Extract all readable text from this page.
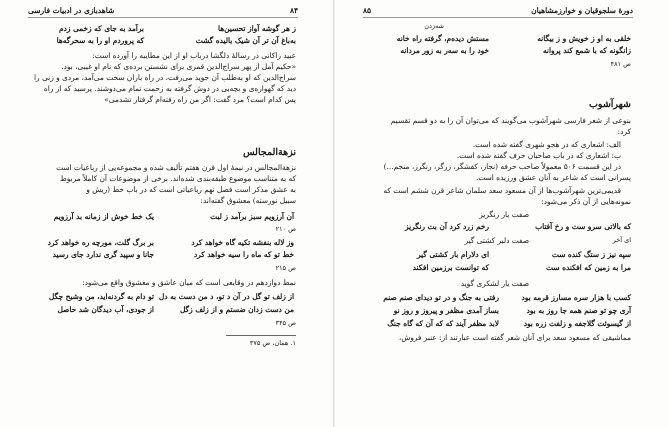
۸۴
شاهدبازی در ادبیات فارسی
برآمد به جای که زخمی زدم	ز هر گوشه آواز تحسین‌ها
که پروردم او را به سحرگه‌ها	به‌باغ آن تر آن شیک بالیده گشت
عبید زاکانی در رسالهٔ دلگشا درباب او از این مطایبه را آورده است:
«حکیم آمل از پهر سراج‌الدین قمری برای نشستن برده‌ی که نام او غیبی، بود.
سراج‌الدین که او به‌طلب آن جوید می‌رفت، در راه باران سخت می‌آمد، مردی و زنی را
دید که گهواره‌ی و بچه‌یی در دوش گرفته به زحمت تمام می‌دوشند. پرسید که از راه
پس کدام است؟ مرد گفت: اگر من راه رفته‌ام گرفتار تشدمی»
نزهةالمجالس
نزهةالمجالس در نیمهٔ اول قرن هفتم تألیف شده و مجموعه‌یی از رباعیات است
که به متناسب موضوع طبقه‌بندی شده‌اند. برخی از موضوعات آن کاملاً مربوط
به عشق مذکر است فصل نهم رباعیاتی است که در باب خط (ریش و
سبیل نورسته) معشوق گفته‌اند:
یک خط خوش از زمانه بد آرزویم	آن آرزویم سبز برآمد ز لبت
ص ۲۱۰
بر برگ گلت، مورچه ره خواهد کرد	وز لاله بنفشه تکیه گاه خواهد کرد
جانا و سپید گری ندارد جای رسید	خط تو که ماه را سیه خواهد کرد
ص ۲۱۵
نمط دوازدهم در وقایعی است که میان عاشق و معشوق واقع می‌شود:
تو دام به گردنه‌اید، من وشبح چگل از زلف تو گل در آن د تو، د من دست به دل
از جودی، آب دیدگان شد حاصل	من دست زدان ضستم و از زلف زگل
ص ۳۴۵
۱. همان، ص ۳۷۵
دورهٔ سلجوقیان و خوارزمشاهیان
۸۵
شه‌زدن
مستش دیده‌م، گرفته راه خانه	خلقی به او ز خویش و ز بیگانه
خود را به‌ سه‌ر به زور مردانه	زانگونه که با شمع کند پروانه
ص ۴۸۱
شهرآشوب
بنوعی از شعر فارسی شهرآشوب می‌گویند که می‌توان آن را به دو قسم تقسیم
کرد:
الف: اشعاری که در هجو شهری گفته شده است.
ب: اشعاری که در باب صاحبان حرف گفته شده است.
در این قسمت ۵۰۶ معمولاً صاحب حرفه (نجار، کفشگر، زرگر، رنگرز، منجم...)
پسرانی است که شاعر به آنان عشق ورزیده است.
قدیمی‌ترین شهرآشوب‌ها از آن مسعود سعد سلمان شاعر قرن ششم است که
نمونه‌هایی از آن ذکر می‌شود:
صفت یار رنگریز
رخم زرد کرد آن بت رنگریز	که بالاتی سرو ست و رخ آفتاب
صفت دلبر کشتی گیر	ای آخر
ای دلارام بار کشتی گیر	سپه نیز ز ستگ کنده ست
که توانست برزمین افکند	مرا به زمین که افکنده ست
صفت یار لشکری گوید
رفتی به جنگ و در تو دیدای صنم صنم	کسب با هزار سره مسارز قرمه بود
بساز آمدی مظفر و پیروز و روز نو	آری چو تو صنم همه جا روز به بود
لابد مظفر آیند که که آن که گاه جنگ	از گیسوئت گلاجفه و زلفت زره بود
مماشیقی که مسعود سعد برای آنان شعر گفته است عبارتند از: عنبر فروش،
